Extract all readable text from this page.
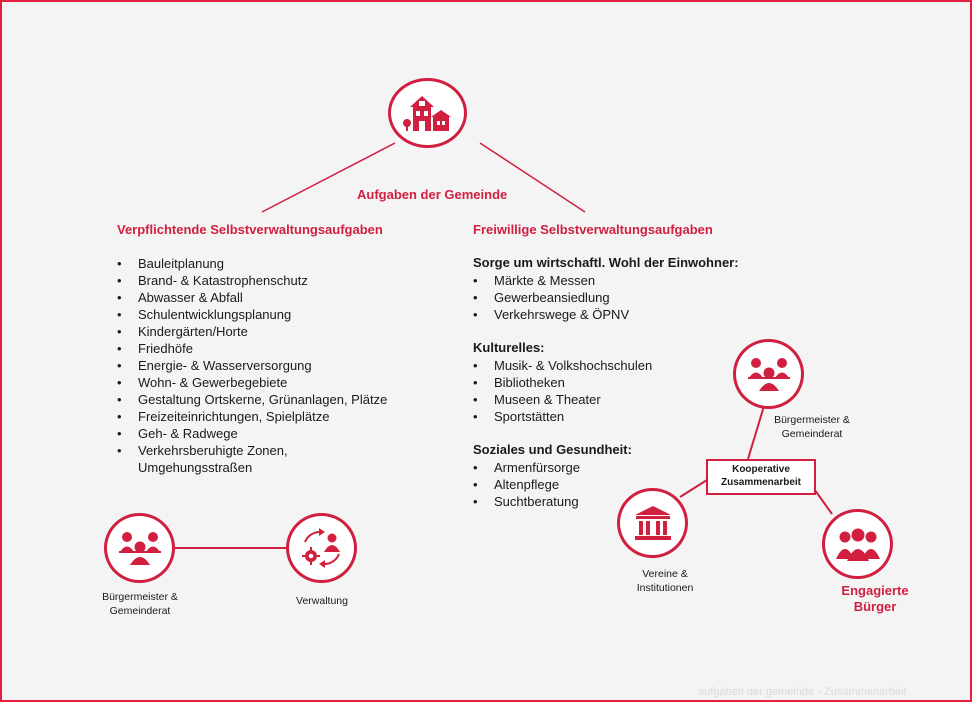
Aufgaben der Gemeinde
Verpflichtende Selbstverwaltungsaufgaben
• Bauleitplanung
• Brand- & Katastrophenschutz
• Abwasser & Abfall
• Schulentwicklungsplanung
• Kindergärten/Horte
• Friedhöfe
• Energie- & Wasserversorgung
• Wohn- & Gewerbegebiete
• Gestaltung Ortskerne, Grünanlagen, Plätze
• Freizeiteinrichtungen, Spielplätze
• Geh- & Radwege
• Verkehrsberuhigte Zonen,
Umgehungsstraßen
Bürgermeister &
Gemeinderat
Verwaltung
Freiwillige Selbstverwaltungsaufgaben
Sorge um wirtschaftl. Wohl der Einwohner:
• Märkte & Messen
• Gewerbeansiedlung
• Verkehrswege & ÖPNV
Kulturelles:
• Musik- & Volkshochschulen
• Bibliotheken
• Museen & Theater
• Sportstätten
Soziales und Gesundheit:
• Armenfürsorge
• Altenpflege
• Suchtberatung
Bürgermeister &
Gemeinderat
Kooperative
Zusammenarbeit
Vereine &
Institutionen	Engagierte
Bürger
aufgaben der gemeinde - Zusammenarbeit
